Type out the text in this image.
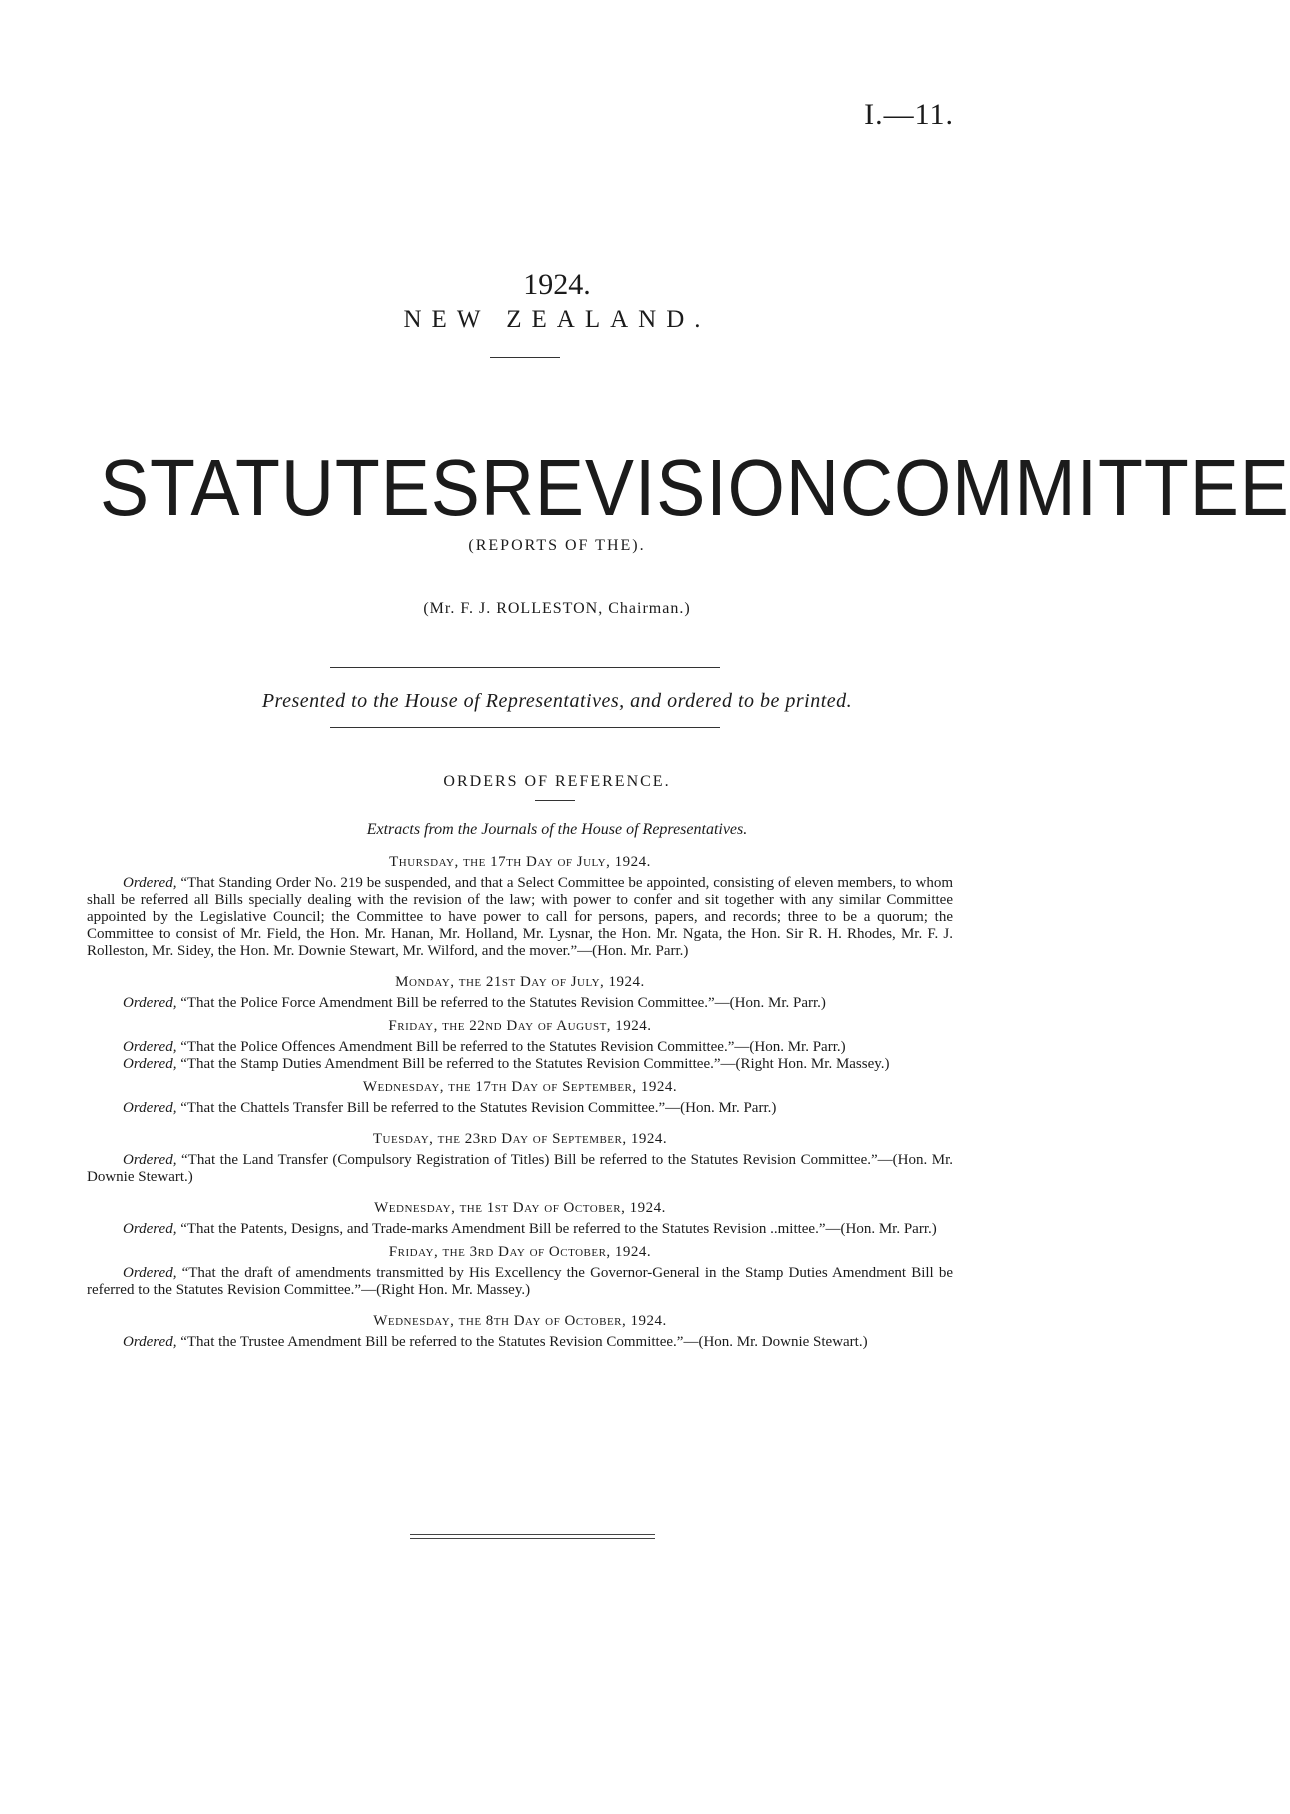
I.—11.
1924.
NEW ZEALAND.
STATUTES REVISION COMMITTEE
(REPORTS OF THE).
(Mr. F. J. ROLLESTON, Chairman.)
Presented to the House of Representatives, and ordered to be printed.
ORDERS OF REFERENCE.
Extracts from the Journals of the House of Representatives.
Thursday, the 17th Day of July, 1924.

Ordered, “That Standing Order No. 219 be suspended, and that a Select Committee be appointed, consisting of eleven members, to whom shall be referred all Bills specially dealing with the revision of the law; with power to confer and sit together with any similar Committee appointed by the Legislative Council; the Committee to have power to call for persons, papers, and records; three to be a quorum; the Committee to consist of Mr. Field, the Hon. Mr. Hanan, Mr. Holland, Mr. Lysnar, the Hon. Mr. Ngata, the Hon. Sir R. H. Rhodes, Mr. F. J. Rolleston, Mr. Sidey, the Hon. Mr. Downie Stewart, Mr. Wilford, and the mover.”—(Hon. Mr. Parr.)

Monday, the 21st Day of July, 1924.

Ordered, “That the Police Force Amendment Bill be referred to the Statutes Revision Committee.”—(Hon. Mr. Parr.)

Friday, the 22nd Day of August, 1924.

Ordered, “That the Police Offences Amendment Bill be referred to the Statutes Revision Committee.”—(Hon. Mr. Parr.)

Ordered, “That the Stamp Duties Amendment Bill be referred to the Statutes Revision Committee.”—(Right Hon. Mr. Massey.)

Wednesday, the 17th Day of September, 1924.

Ordered, “That the Chattels Transfer Bill be referred to the Statutes Revision Committee.”—(Hon. Mr. Parr.)

Tuesday, the 23rd Day of September, 1924.

Ordered, “That the Land Transfer (Compulsory Registration of Titles) Bill be referred to the Statutes Revision Committee.”—(Hon. Mr. Downie Stewart.)

Wednesday, the 1st Day of October, 1924.

Ordered, “That the Patents, Designs, and Trade-marks Amendment Bill be referred to the Statutes Revision ..mittee.”—(Hon. Mr. Parr.)

Friday, the 3rd Day of October, 1924.

Ordered, “That the draft of amendments transmitted by His Excellency the Governor-General in the Stamp Duties Amendment Bill be referred to the Statutes Revision Committee.”—(Right Hon. Mr. Massey.)

Wednesday, the 8th Day of October, 1924.

Ordered, “That the Trustee Amendment Bill be referred to the Statutes Revision Committee.”—(Hon. Mr. Downie Stewart.)
